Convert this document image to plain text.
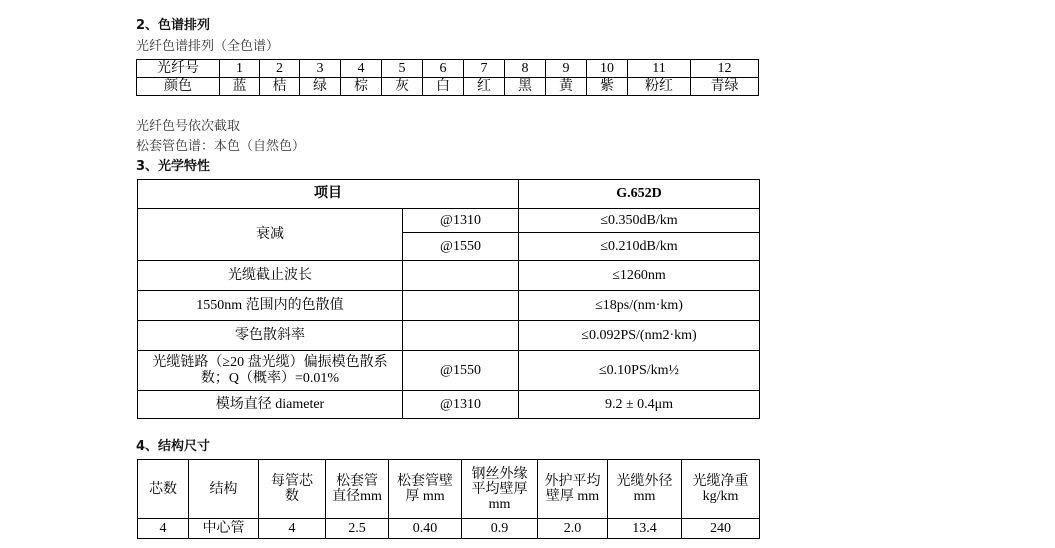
2、色谱排列
光纤色谱排列（全色谱）
光纤号	1	2	3	4	5	6	7	8	9	10	11	12
颜色	蓝	桔	绿	棕	灰	白	红	黑	黄	紫	粉红	青绿
光纤色号依次截取
松套管色谱：本色（自然色）
3、光学特性
项目		G.652D
衰减	@1310	≤0.350dB/km
	@1550	≤0.210dB/km
光缆截止波长		≤1260nm
1550nm 范围内的色散值		≤18ps/(nm·km)
零色散斜率		≤0.092PS/(nm2·km)
光缆链路（≥20 盘光缆）偏振模色散系数；Q（概率）=0.01%	@1550	≤0.10PS/km½
模场直径 diameter	@1310	9.2 ± 0.4μm
4、结构尺寸
芯数	结构	每管芯数	松套管直径mm	松套管壁厚 mm	钢丝外缘平均壁厚mm	外护平均壁厚 mm	光缆外径mm	光缆净重kg/km
4	中心管	4	2.5	0.40	0.9	2.0	13.4	240
